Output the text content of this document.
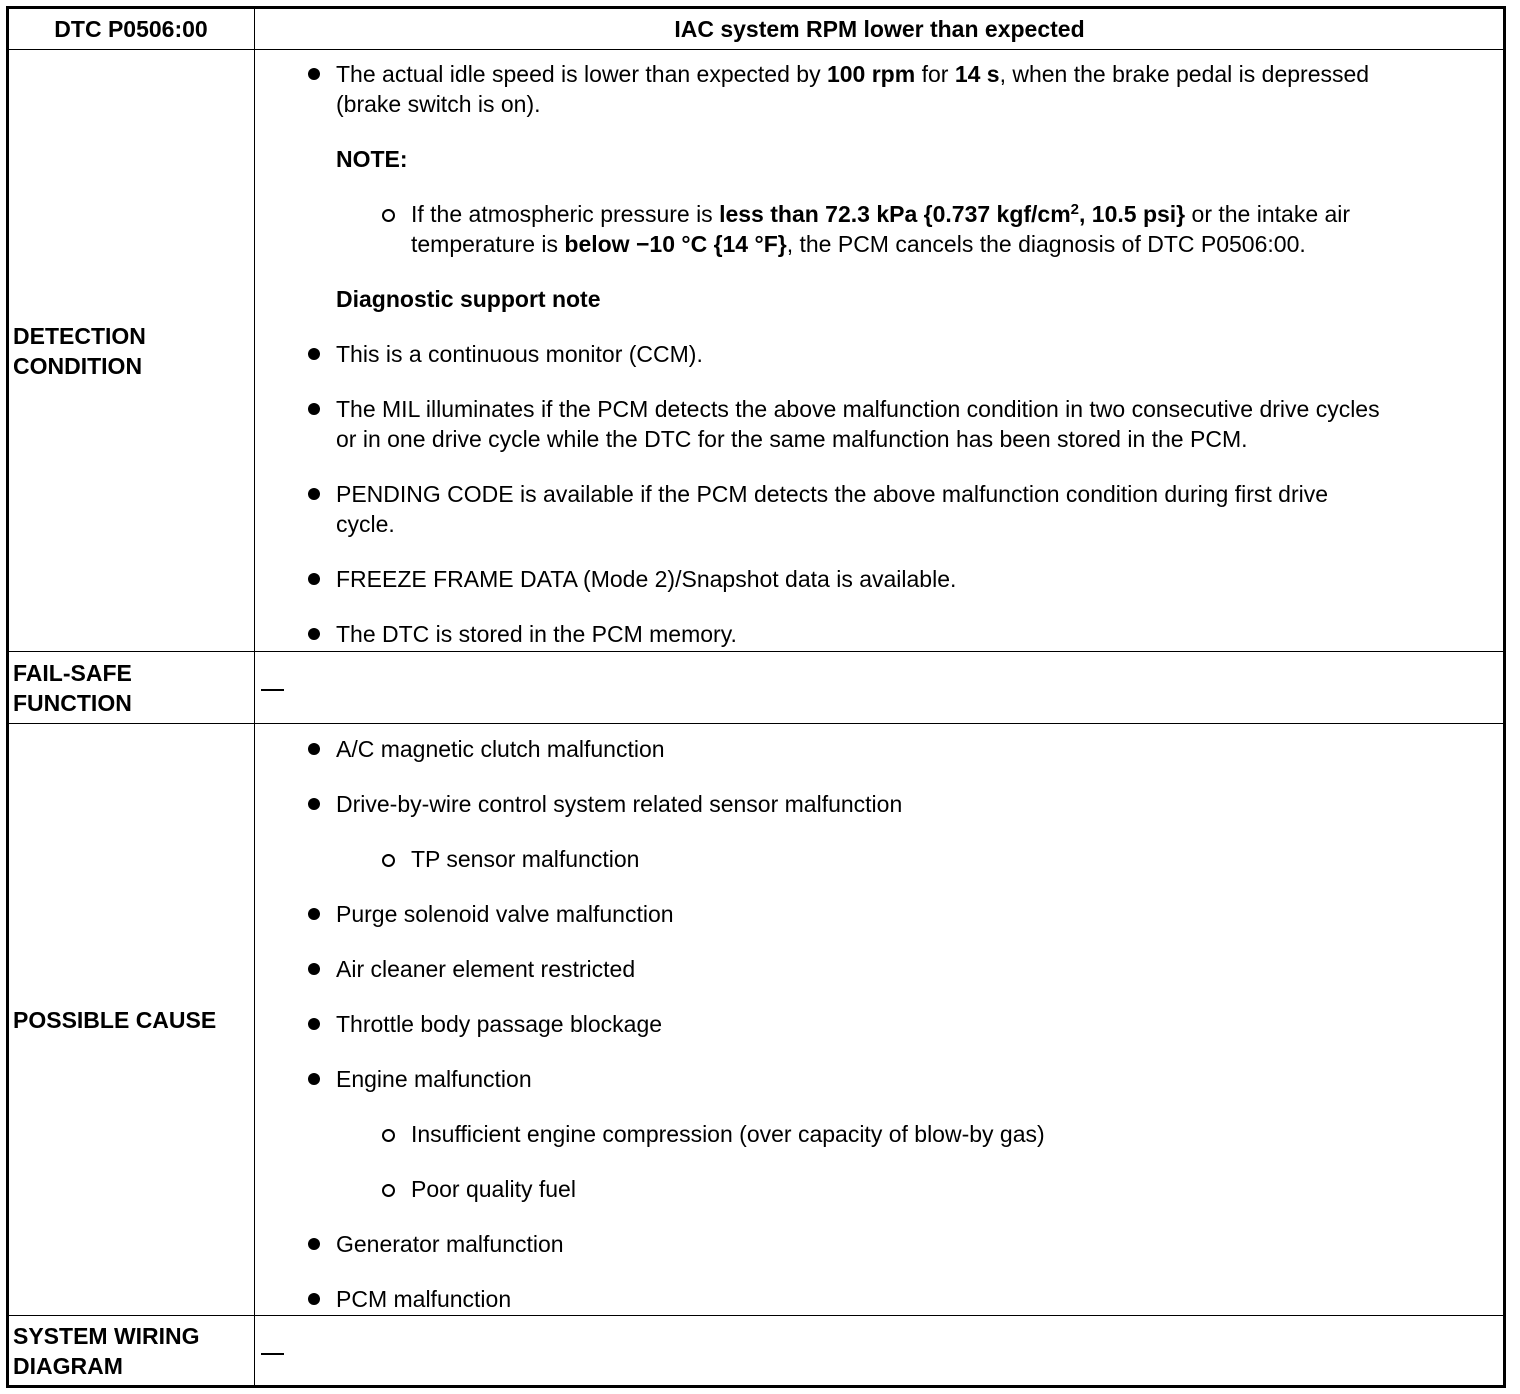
DTC P0506:00	IAC system RPM lower than expected
DETECTION
CONDITION
The actual idle speed is lower than expected by 100 rpm for 14 s, when the brake pedal is depressed
(brake switch is on).
NOTE:
If the atmospheric pressure is less than 72.3 kPa {0.737 kgf/$cm^2$, 10.5 psi} or the intake air
temperature is below −10 °C {14 °F}, the PCM cancels the diagnosis of DTC P0506:00.
Diagnostic support note
This is a continuous monitor (CCM).
The MIL illuminates if the PCM detects the above malfunction condition in two consecutive drive cycles
or in one drive cycle while the DTC for the same malfunction has been stored in the PCM.
PENDING CODE is available if the PCM detects the above malfunction condition during first drive
cycle.
FREEZE FRAME DATA (Mode 2)/Snapshot data is available.
The DTC is stored in the PCM memory.
FAIL-SAFE
FUNCTION
POSSIBLE CAUSE
A/C magnetic clutch malfunction
Drive-by-wire control system related sensor malfunction
TP sensor malfunction
Purge solenoid valve malfunction
Air cleaner element restricted
Throttle body passage blockage
Engine malfunction
Insufficient engine compression (over capacity of blow-by gas)
Poor quality fuel
Generator malfunction
PCM malfunction
SYSTEM WIRING
DIAGRAM
